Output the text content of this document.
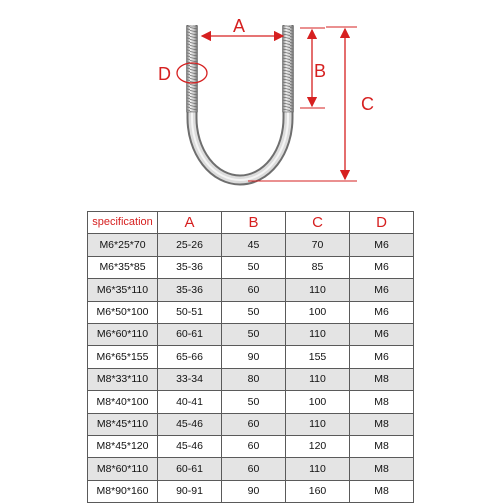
A
B
C
D
specification	A	B	C	D
M6*25*70	25-26	45	70	M6
M6*35*85	35-36	50	85	M6
M6*35*110	35-36	60	110	M6
M6*50*100	50-51	50	100	M6
M6*60*110	60-61	50	110	M6
M6*65*155	65-66	90	155	M6
M8*33*110	33-34	80	110	M8
M8*40*100	40-41	50	100	M8
M8*45*110	45-46	60	110	M8
M8*45*120	45-46	60	120	M8
M8*60*110	60-61	60	110	M8
M8*90*160	90-91	90	160	M8
